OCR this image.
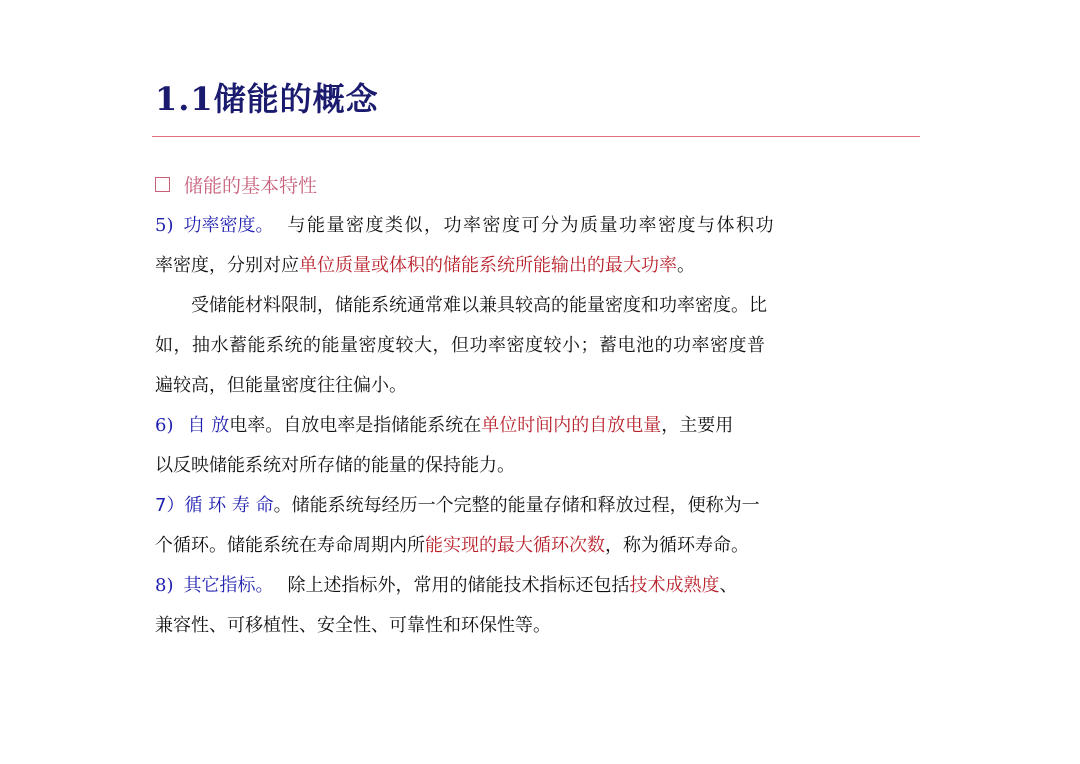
1.1储能的概念
储能的基本特性
5) 功率密度。 与能量密度类似，功率密度可分为质量功率密度与体积功
率密度，分别对应单位质量或体积的储能系统所能输出的最大功率。
受储能材料限制，储能系统通常难以兼具较高的能量密度和功率密度。比
如，抽水蓄能系统的能量密度较大，但功率密度较小；蓄电池的功率密度普
遍较高，但能量密度往往偏小。
6) 自 放电率。自放电率是指储能系统在单位时间内的自放电量，主要用
以反映储能系统对所存储的能量的保持能力。
7）循 环 寿 命。储能系统每经历一个完整的能量存储和释放过程，便称为一
个循环。储能系统在寿命周期内所能实现的最大循环次数，称为循环寿命。
8) 其它指标。 除上述指标外，常用的储能技术指标还包括技术成熟度、
兼容性、可移植性、安全性、可靠性和环保性等。
